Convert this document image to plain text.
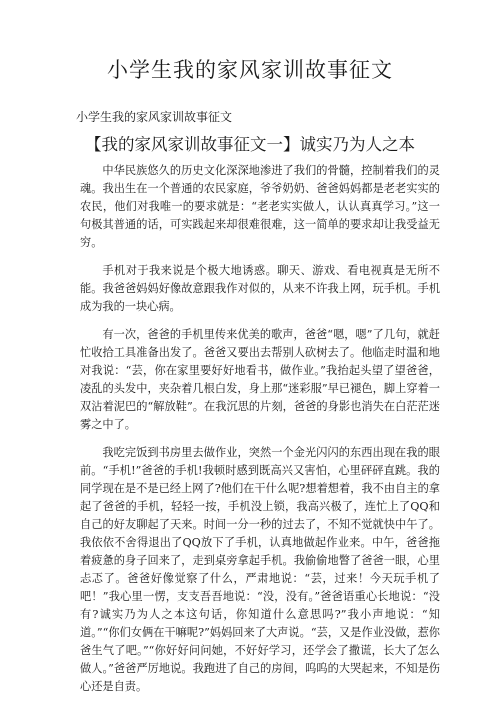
小学生我的家风家训故事征文
小学生我的家风家训故事征文
【我的家风家训故事征文一】诚实乃为人之本

中华民族悠久的历史文化深深地渗进了我们的骨髓，控制着我们的灵魂。我出生在一个普通的农民家庭，爷爷奶奶、爸爸妈妈都是老老实实的农民，他们对我唯一的要求就是：“老老实实做人，认认真真学习。”这一句极其普通的话，可实践起来却很难很难，这一简单的要求却让我受益无穷。

手机对于我来说是个极大地诱惑。聊天、游戏、看电视真是无所不能。我爸爸妈妈好像故意跟我作对似的，从来不许我上网，玩手机。手机成为我的一块心病。

有一次，爸爸的手机里传来优美的歌声，爸爸“嗯，嗯”了几句，就赶忙收拾工具准备出发了。爸爸又要出去帮别人砍树去了。他临走时温和地对我说：“芸，你在家里要好好地看书，做作业。”我抬起头望了望爸爸，凌乱的头发中，夹杂着几根白发，身上那“迷彩服”早已褪色，脚上穿着一双沾着泥巴的“解放鞋”。在我沉思的片刻，爸爸的身影也消失在白茫茫迷雾之中了。

我吃完饭到书房里去做作业，突然一个金光闪闪的东西出现在我的眼前。“手机!”爸爸的手机!我顿时感到既高兴又害怕，心里砰砰直跳。我的同学现在是不是已经上网了?他们在干什么呢?想着想着，我不由自主的拿起了爸爸的手机，轻轻一按，手机没上锁，我高兴极了，连忙上了QQ和自己的好友聊起了天来。时间一分一秒的过去了，不知不觉就快中午了。我依依不舍得退出了QQ放下了手机，认真地做起作业来。中午，爸爸拖着疲惫的身子回来了，走到桌旁拿起手机。我偷偷地瞥了爸爸一眼，心里忐忑了。爸爸好像觉察了什么，严肃地说：“芸，过来！今天玩手机了吧！”我心里一愣，支支吾吾地说：“没，没有。”爸爸语重心长地说：“没有?诚实乃为人之本这句话，你知道什么意思吗?”我小声地说：“知道。”“你们女俩在干嘛呢?”妈妈回来了大声说。“芸，又是作业没做，惹你爸生气了吧。”“你好好问问她，不好好学习，还学会了撒谎，长大了怎么做人。”爸爸严厉地说。我跑进了自己的房间，呜呜的大哭起来，不知是伤心还是自责。
